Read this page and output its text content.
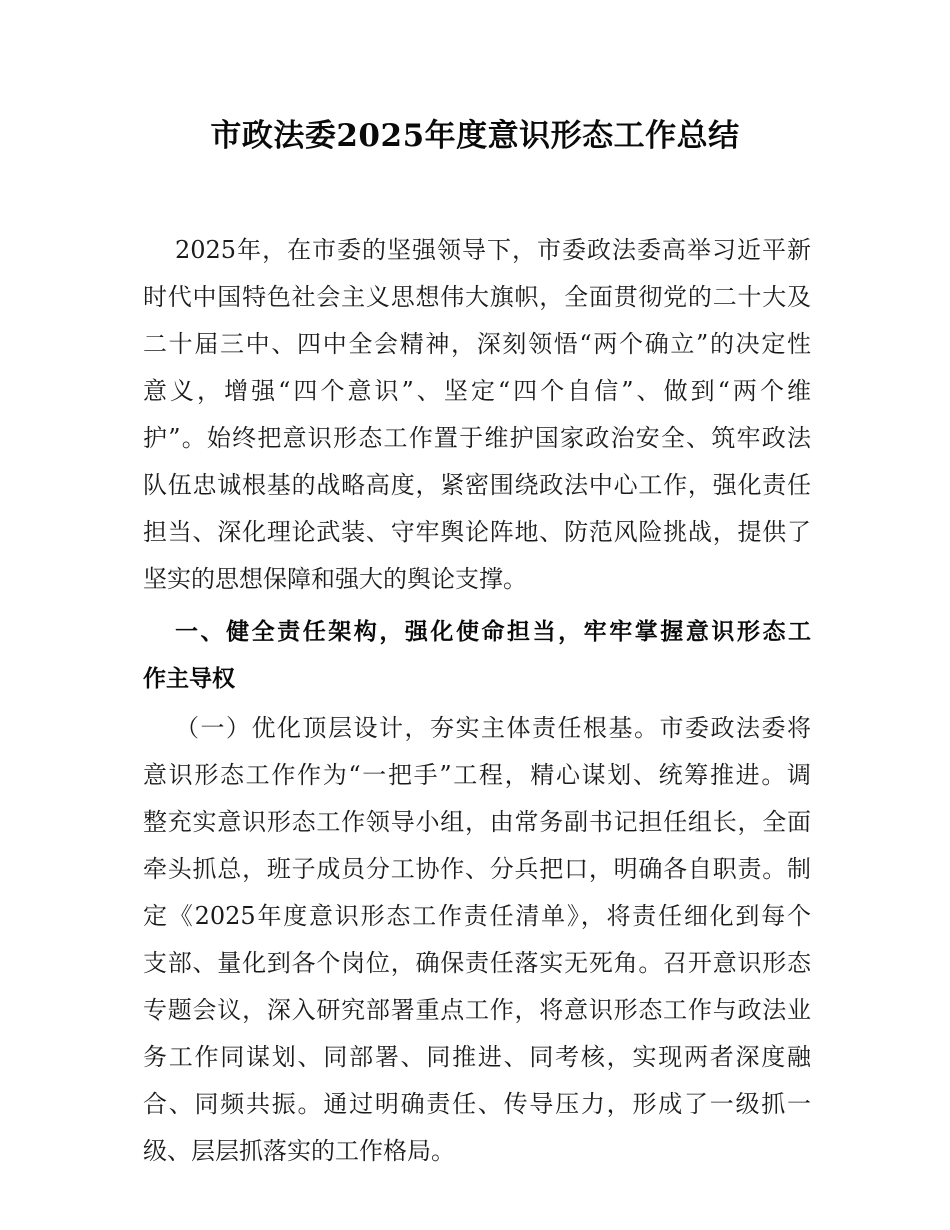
市政法委2025年度意识形态工作总结
2025年，在市委的坚强领导下，市委政法委高举习近平新
时代中国特色社会主义思想伟大旗帜，全面贯彻党的二十大及
二十届三中、四中全会精神，深刻领悟“两个确立”的决定性
意义，增强“四个意识”、坚定“四个自信”、做到“两个维
护”。始终把意识形态工作置于维护国家政治安全、筑牢政法
队伍忠诚根基的战略高度，紧密围绕政法中心工作，强化责任
担当、深化理论武装、守牢舆论阵地、防范风险挑战，提供了
坚实的思想保障和强大的舆论支撑。
一、健全责任架构，强化使命担当，牢牢掌握意识形态工
作主导权
（一）优化顶层设计，夯实主体责任根基。市委政法委将
意识形态工作作为“一把手”工程，精心谋划、统筹推进。调
整充实意识形态工作领导小组，由常务副书记担任组长，全面
牵头抓总，班子成员分工协作、分兵把口，明确各自职责。制
定《2025年度意识形态工作责任清单》，将责任细化到每个
支部、量化到各个岗位，确保责任落实无死角。召开意识形态
专题会议，深入研究部署重点工作，将意识形态工作与政法业
务工作同谋划、同部署、同推进、同考核，实现两者深度融
合、同频共振。通过明确责任、传导压力，形成了一级抓一
级、层层抓落实的工作格局。
